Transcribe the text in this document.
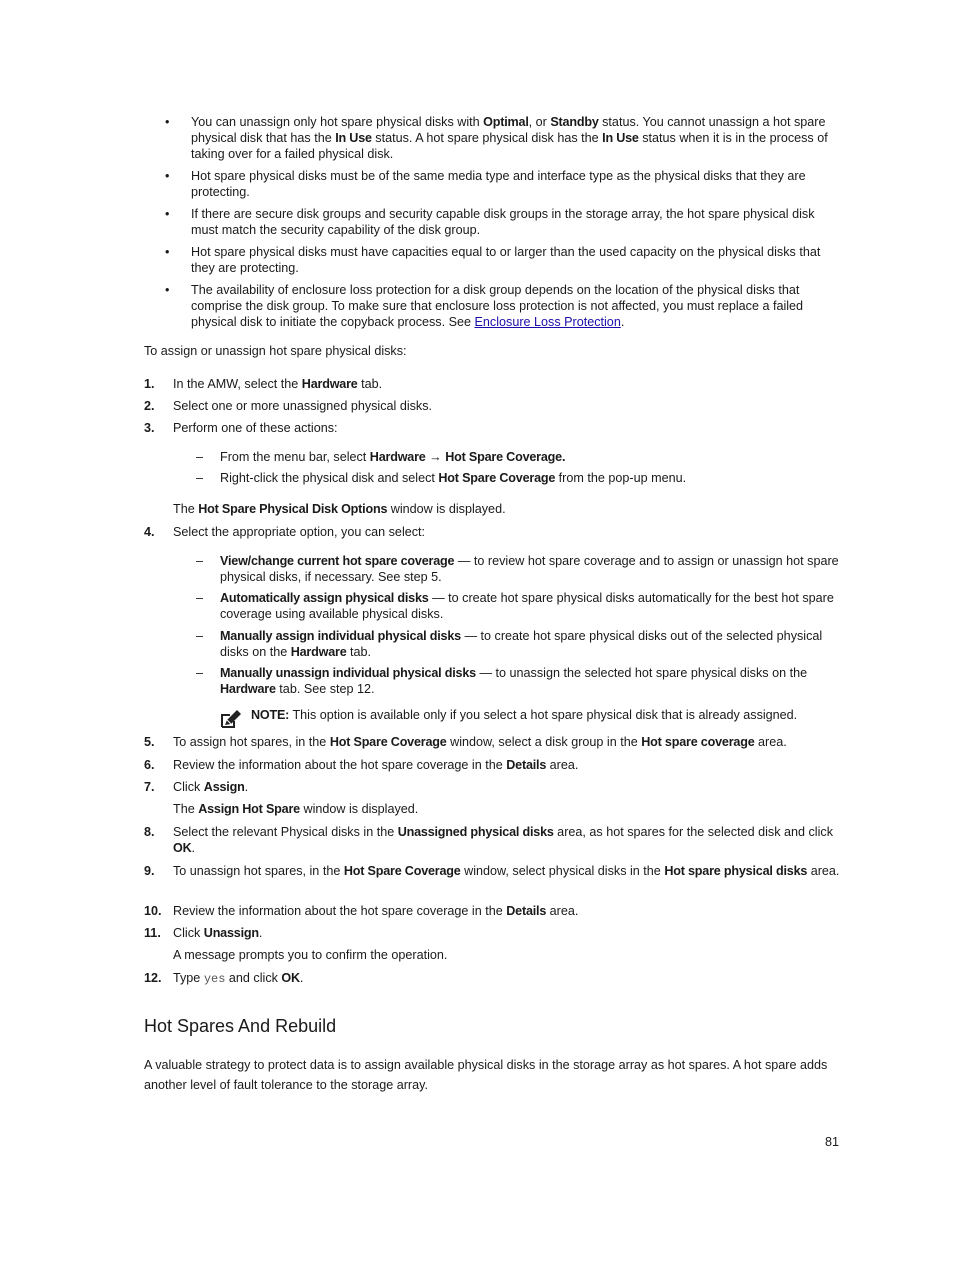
• You can unassign only hot spare physical disks with Optimal, or Standby status. You cannot unassign a hot spare physical disk that has the In Use status. A hot spare physical disk has the In Use status when it is in the process of taking over for a failed physical disk.
• Hot spare physical disks must be of the same media type and interface type as the physical disks that they are protecting.
• If there are secure disk groups and security capable disk groups in the storage array, the hot spare physical disk must match the security capability of the disk group.
• Hot spare physical disks must have capacities equal to or larger than the used capacity on the physical disks that they are protecting.
• The availability of enclosure loss protection for a disk group depends on the location of the physical disks that comprise the disk group. To make sure that enclosure loss protection is not affected, you must replace a failed physical disk to initiate the copyback process. See Enclosure Loss Protection.
To assign or unassign hot spare physical disks:
1. In the AMW, select the Hardware tab.
2. Select one or more unassigned physical disks.
3. Perform one of these actions:
– From the menu bar, select Hardware → Hot Spare Coverage.
– Right-click the physical disk and select Hot Spare Coverage from the pop-up menu.
The Hot Spare Physical Disk Options window is displayed.
4. Select the appropriate option, you can select:
– View/change current hot spare coverage — to review hot spare coverage and to assign or unassign hot spare physical disks, if necessary. See step 5.
– Automatically assign physical disks — to create hot spare physical disks automatically for the best hot spare coverage using available physical disks.
– Manually assign individual physical disks — to create hot spare physical disks out of the selected physical disks on the Hardware tab.
– Manually unassign individual physical disks — to unassign the selected hot spare physical disks on the Hardware tab. See step 12.
NOTE: This option is available only if you select a hot spare physical disk that is already assigned.
5. To assign hot spares, in the Hot Spare Coverage window, select a disk group in the Hot spare coverage area.
6. Review the information about the hot spare coverage in the Details area.
7. Click Assign.
The Assign Hot Spare window is displayed.
8. Select the relevant Physical disks in the Unassigned physical disks area, as hot spares for the selected disk and click OK.
9. To unassign hot spares, in the Hot Spare Coverage window, select physical disks in the Hot spare physical disks area.
10. Review the information about the hot spare coverage in the Details area.
11. Click Unassign.
A message prompts you to confirm the operation.
12. Type yes and click OK.
Hot Spares And Rebuild
A valuable strategy to protect data is to assign available physical disks in the storage array as hot spares. A hot spare adds another level of fault tolerance to the storage array.
81
